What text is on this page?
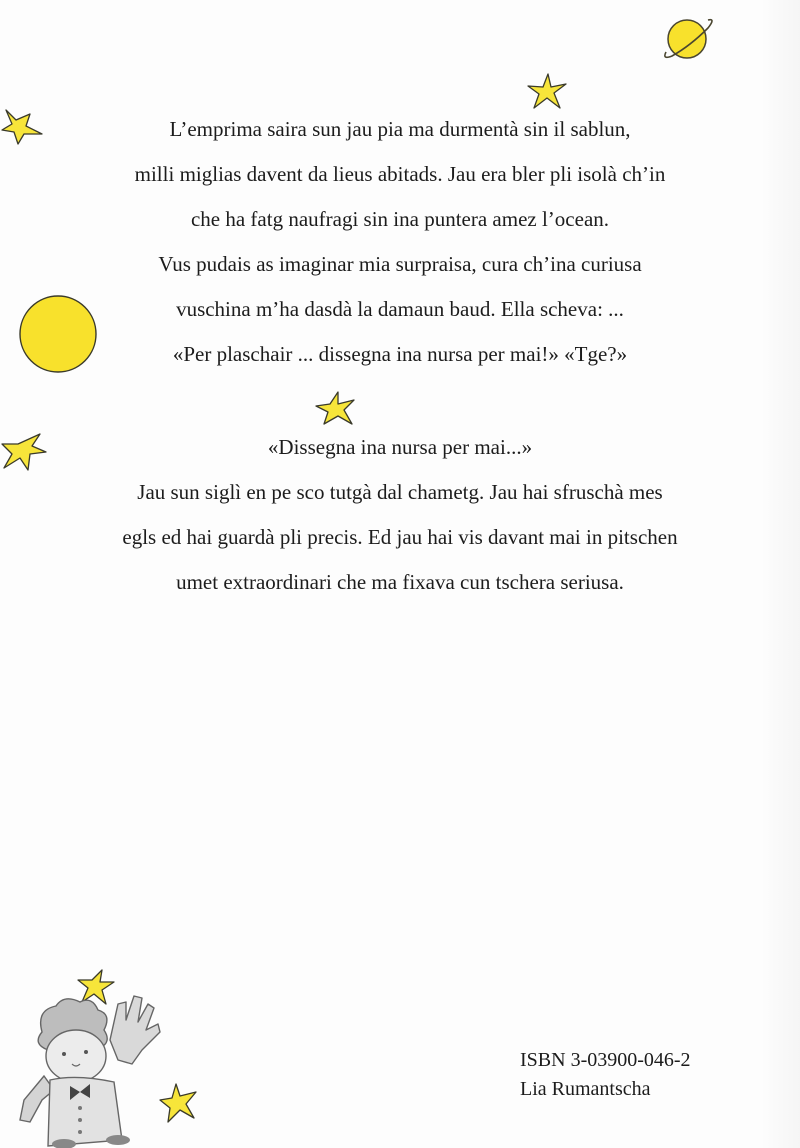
L’emprima saira sun jau pia ma durmentà sin il sablun,
milli miglias davent da lieus abitads. Jau era bler pli isolà ch’in
che ha fatg naufragi sin ina puntera amez l’ocean.
Vus pudais as imaginar mia surpraisa, cura ch’ina curiusa
vuschina m’ha dasdà la damaun baud. Ella scheva: ...
«Per plaschair ... dissegna ina nursa per mai!» «Tge?»
«Dissegna ina nursa per mai...»
Jau sun siglì en pe sco tutgà dal chametg. Jau hai sfruschà mes
egls ed hai guardà pli precis. Ed jau hai vis davant mai in pitschen
umet extraordinari che ma fixava cun tschera seriusa.
ISBN 3-03900-046-2
Lia Rumantscha
